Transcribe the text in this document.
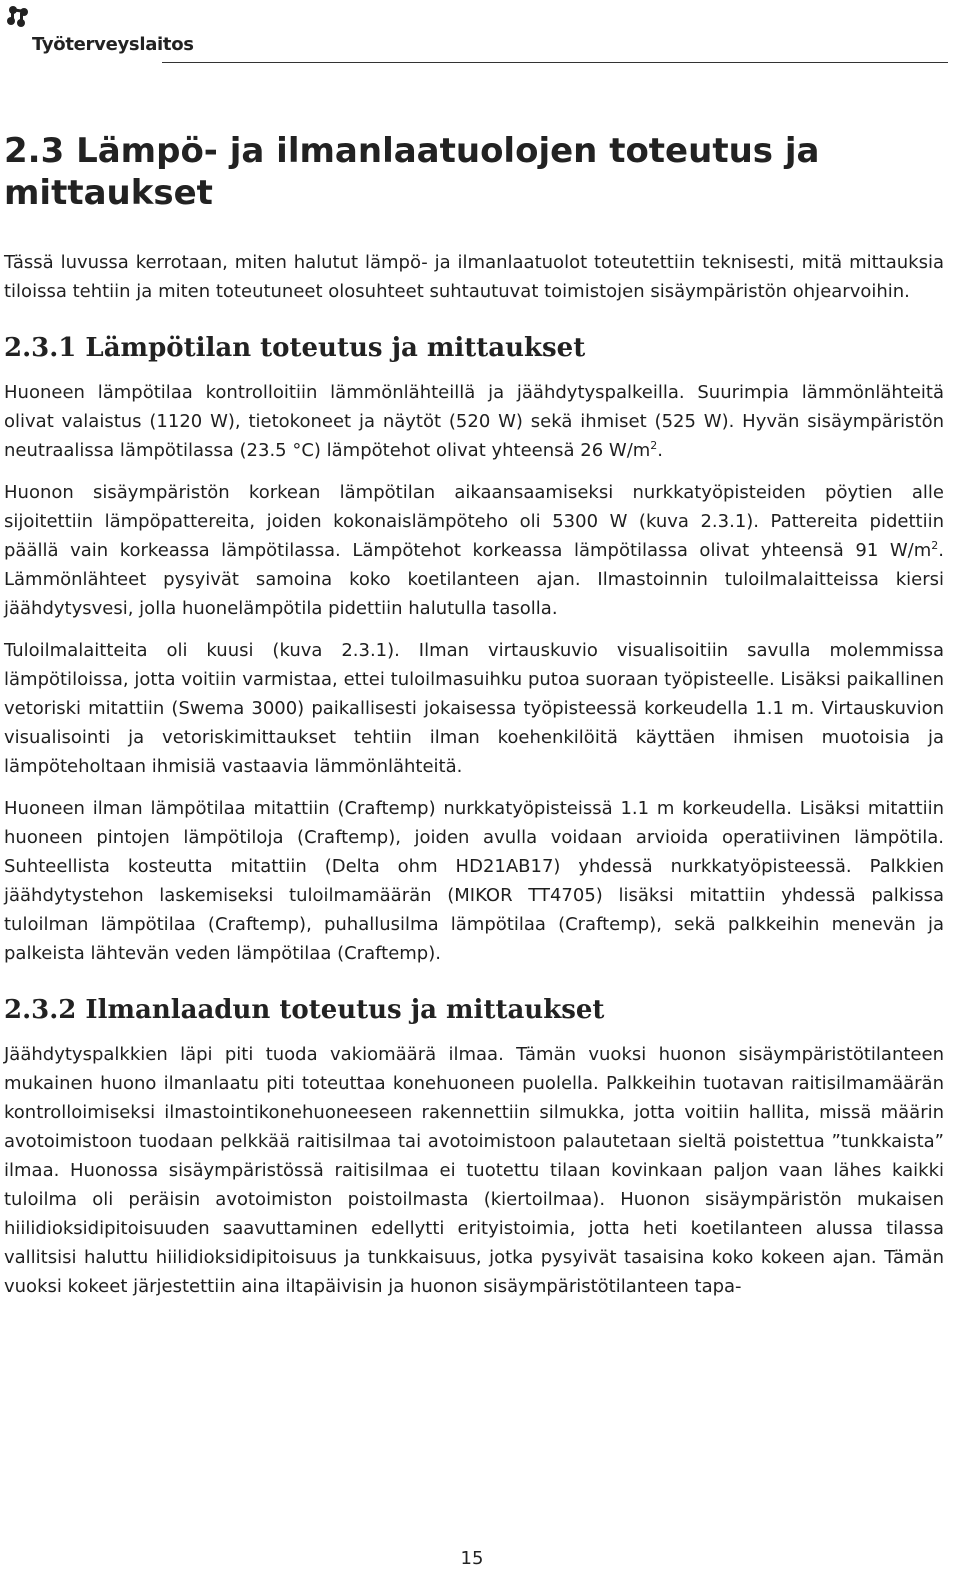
Työterveyslaitos
2.3 Lämpö- ja ilmanlaatuolojen toteutus ja mittaukset

Tässä luvussa kerrotaan, miten halutut lämpö- ja ilmanlaatuolot toteutettiin teknisesti, mitä mittauksia tiloissa tehtiin ja miten toteutuneet olosuhteet suhtautuvat toimistojen sisäympäristön ohjearvoihin.

2.3.1 Lämpötilan toteutus ja mittaukset

Huoneen lämpötilaa kontrolloitiin lämmönlähteillä ja jäähdytyspalkeilla. Suurimpia lämmönlähteitä olivat valaistus (1120 W), tietokoneet ja näytöt (520 W) sekä ihmiset (525 W). Hyvän sisäympäristön neutraalissa lämpötilassa (23.5 °C) lämpötehot olivat yhteensä 26 $W/m^2$.

Huonon sisäympäristön korkean lämpötilan aikaansaamiseksi nurkkatyöpisteiden pöytien alle sijoitettiin lämpöpattereita, joiden kokonaislämpöteho oli 5300 W (kuva 2.3.1). Pattereita pidettiin päällä vain korkeassa lämpötilassa. Lämpötehot korkeassa lämpötilassa olivat yhteensä 91 $W/m^2$. Lämmönlähteet pysyivät samoina koko koetilanteen ajan. Ilmastoinnin tuloilmalaitteissa kiersi jäähdytysvesi, jolla huonelämpötila pidettiin halutulla tasolla.

Tuloilmalaitteita oli kuusi (kuva 2.3.1). Ilman virtauskuvio visualisoitiin savulla molemmissa lämpötiloissa, jotta voitiin varmistaa, ettei tuloilmasuihku putoa suoraan työpisteelle. Lisäksi paikallinen vetoriski mitattiin (Swema 3000) paikallisesti jokaisessa työpisteessä korkeudella 1.1 m. Virtauskuvion visualisointi ja vetoriskimittaukset tehtiin ilman koehenkilöitä käyttäen ihmisen muotoisia ja lämpöteholtaan ihmisiä vastaavia lämmönlähteitä.

Huoneen ilman lämpötilaa mitattiin (Craftemp) nurkkatyöpisteissä 1.1 m korkeudella. Lisäksi mitattiin huoneen pintojen lämpötiloja (Craftemp), joiden avulla voidaan arvioida operatiivinen lämpötila. Suhteellista kosteutta mitattiin (Delta ohm HD21AB17) yhdessä nurkkatyöpisteessä. Palkkien jäähdytystehon laskemiseksi tuloilmamäärän (MIKOR TT4705) lisäksi mitattiin yhdessä palkissa tuloilman lämpötilaa (Craftemp), puhallusilma lämpötilaa (Craftemp), sekä palkkeihin menevän ja palkeista lähtevän veden lämpötilaa (Craftemp).

2.3.2 Ilmanlaadun toteutus ja mittaukset

Jäähdytyspalkkien läpi piti tuoda vakiomäärä ilmaa. Tämän vuoksi huonon sisäympäristötilanteen mukainen huono ilmanlaatu piti toteuttaa konehuoneen puolella. Palkkeihin tuotavan raitisilmamäärän kontrolloimiseksi ilmastointikonehuoneeseen rakennettiin silmukka, jotta voitiin hallita, missä määrin avotoimistoon tuodaan pelkkää raitisilmaa tai avotoimistoon palautetaan sieltä poistettua ”tunkkaista” ilmaa. Huonossa sisäympäristössä raitisilmaa ei tuotettu tilaan kovinkaan paljon vaan lähes kaikki tuloilma oli peräisin avotoimiston poistoilmasta (kiertoilmaa). Huonon sisäympäristön mukaisen hiilidioksidipitoisuuden saavuttaminen edellytti erityistoimia, jotta heti koetilanteen alussa tilassa vallitsisi haluttu hiilidioksidipitoisuus ja tunkkaisuus, jotka pysyivät tasaisina koko kokeen ajan. Tämän vuoksi kokeet järjestettiin aina iltapäivisin ja huonon sisäympäristötilanteen tapa-

15
